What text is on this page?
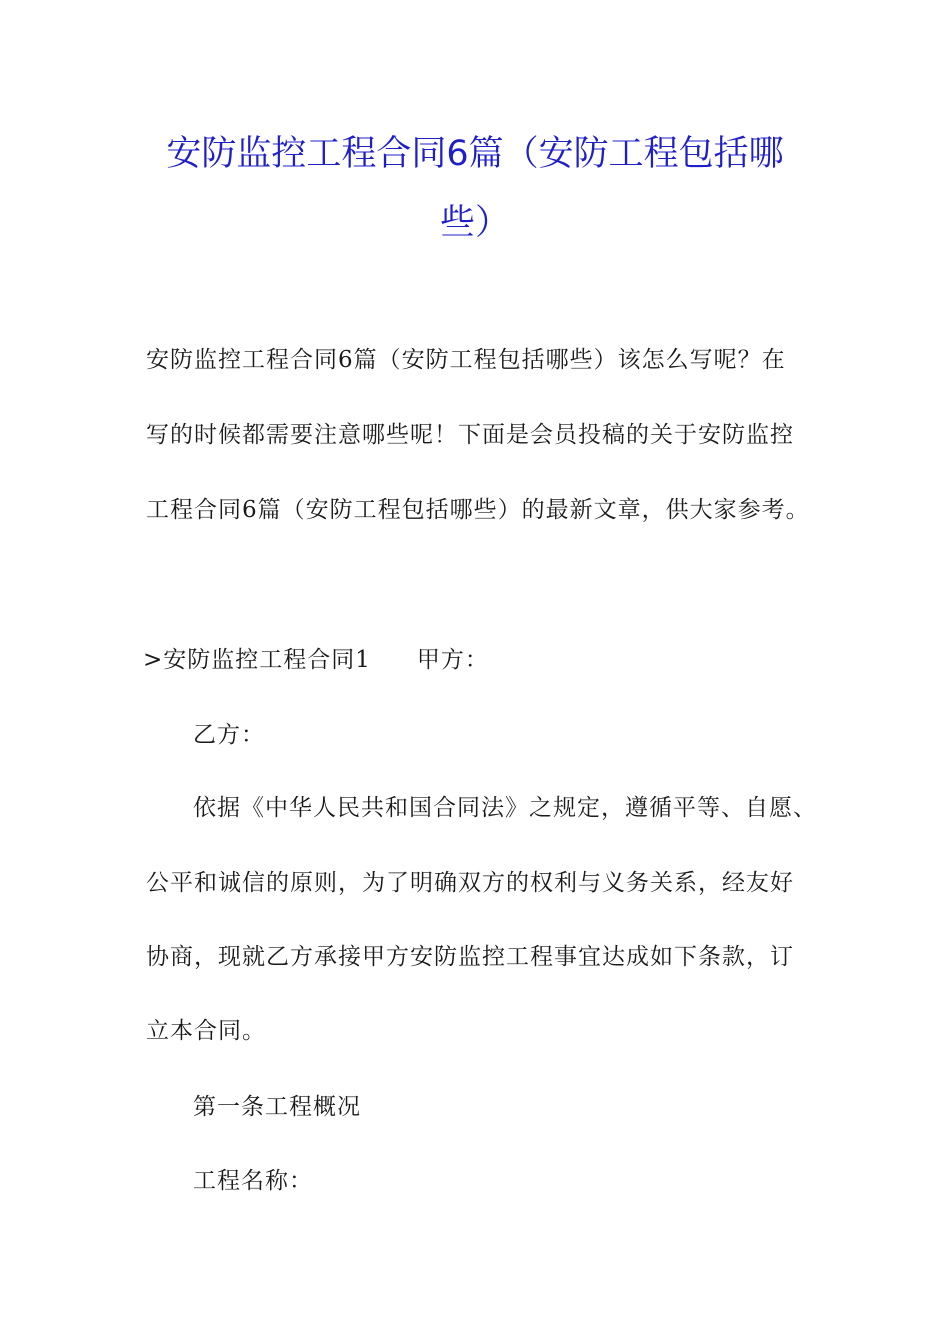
安防监控工程合同6篇（安防工程包括哪
些）
安防监控工程合同6篇（安防工程包括哪些）该怎么写呢？在
写的时候都需要注意哪些呢！下面是会员投稿的关于安防监控
工程合同6篇（安防工程包括哪些）的最新文章，供大家参考。
>安防监控工程合同1 甲方：
乙方：
依据《中华人民共和国合同法》之规定，遵循平等、自愿、
公平和诚信的原则，为了明确双方的权利与义务关系，经友好
协商，现就乙方承接甲方安防监控工程事宜达成如下条款，订
立本合同。
第一条工程概况
工程名称：
